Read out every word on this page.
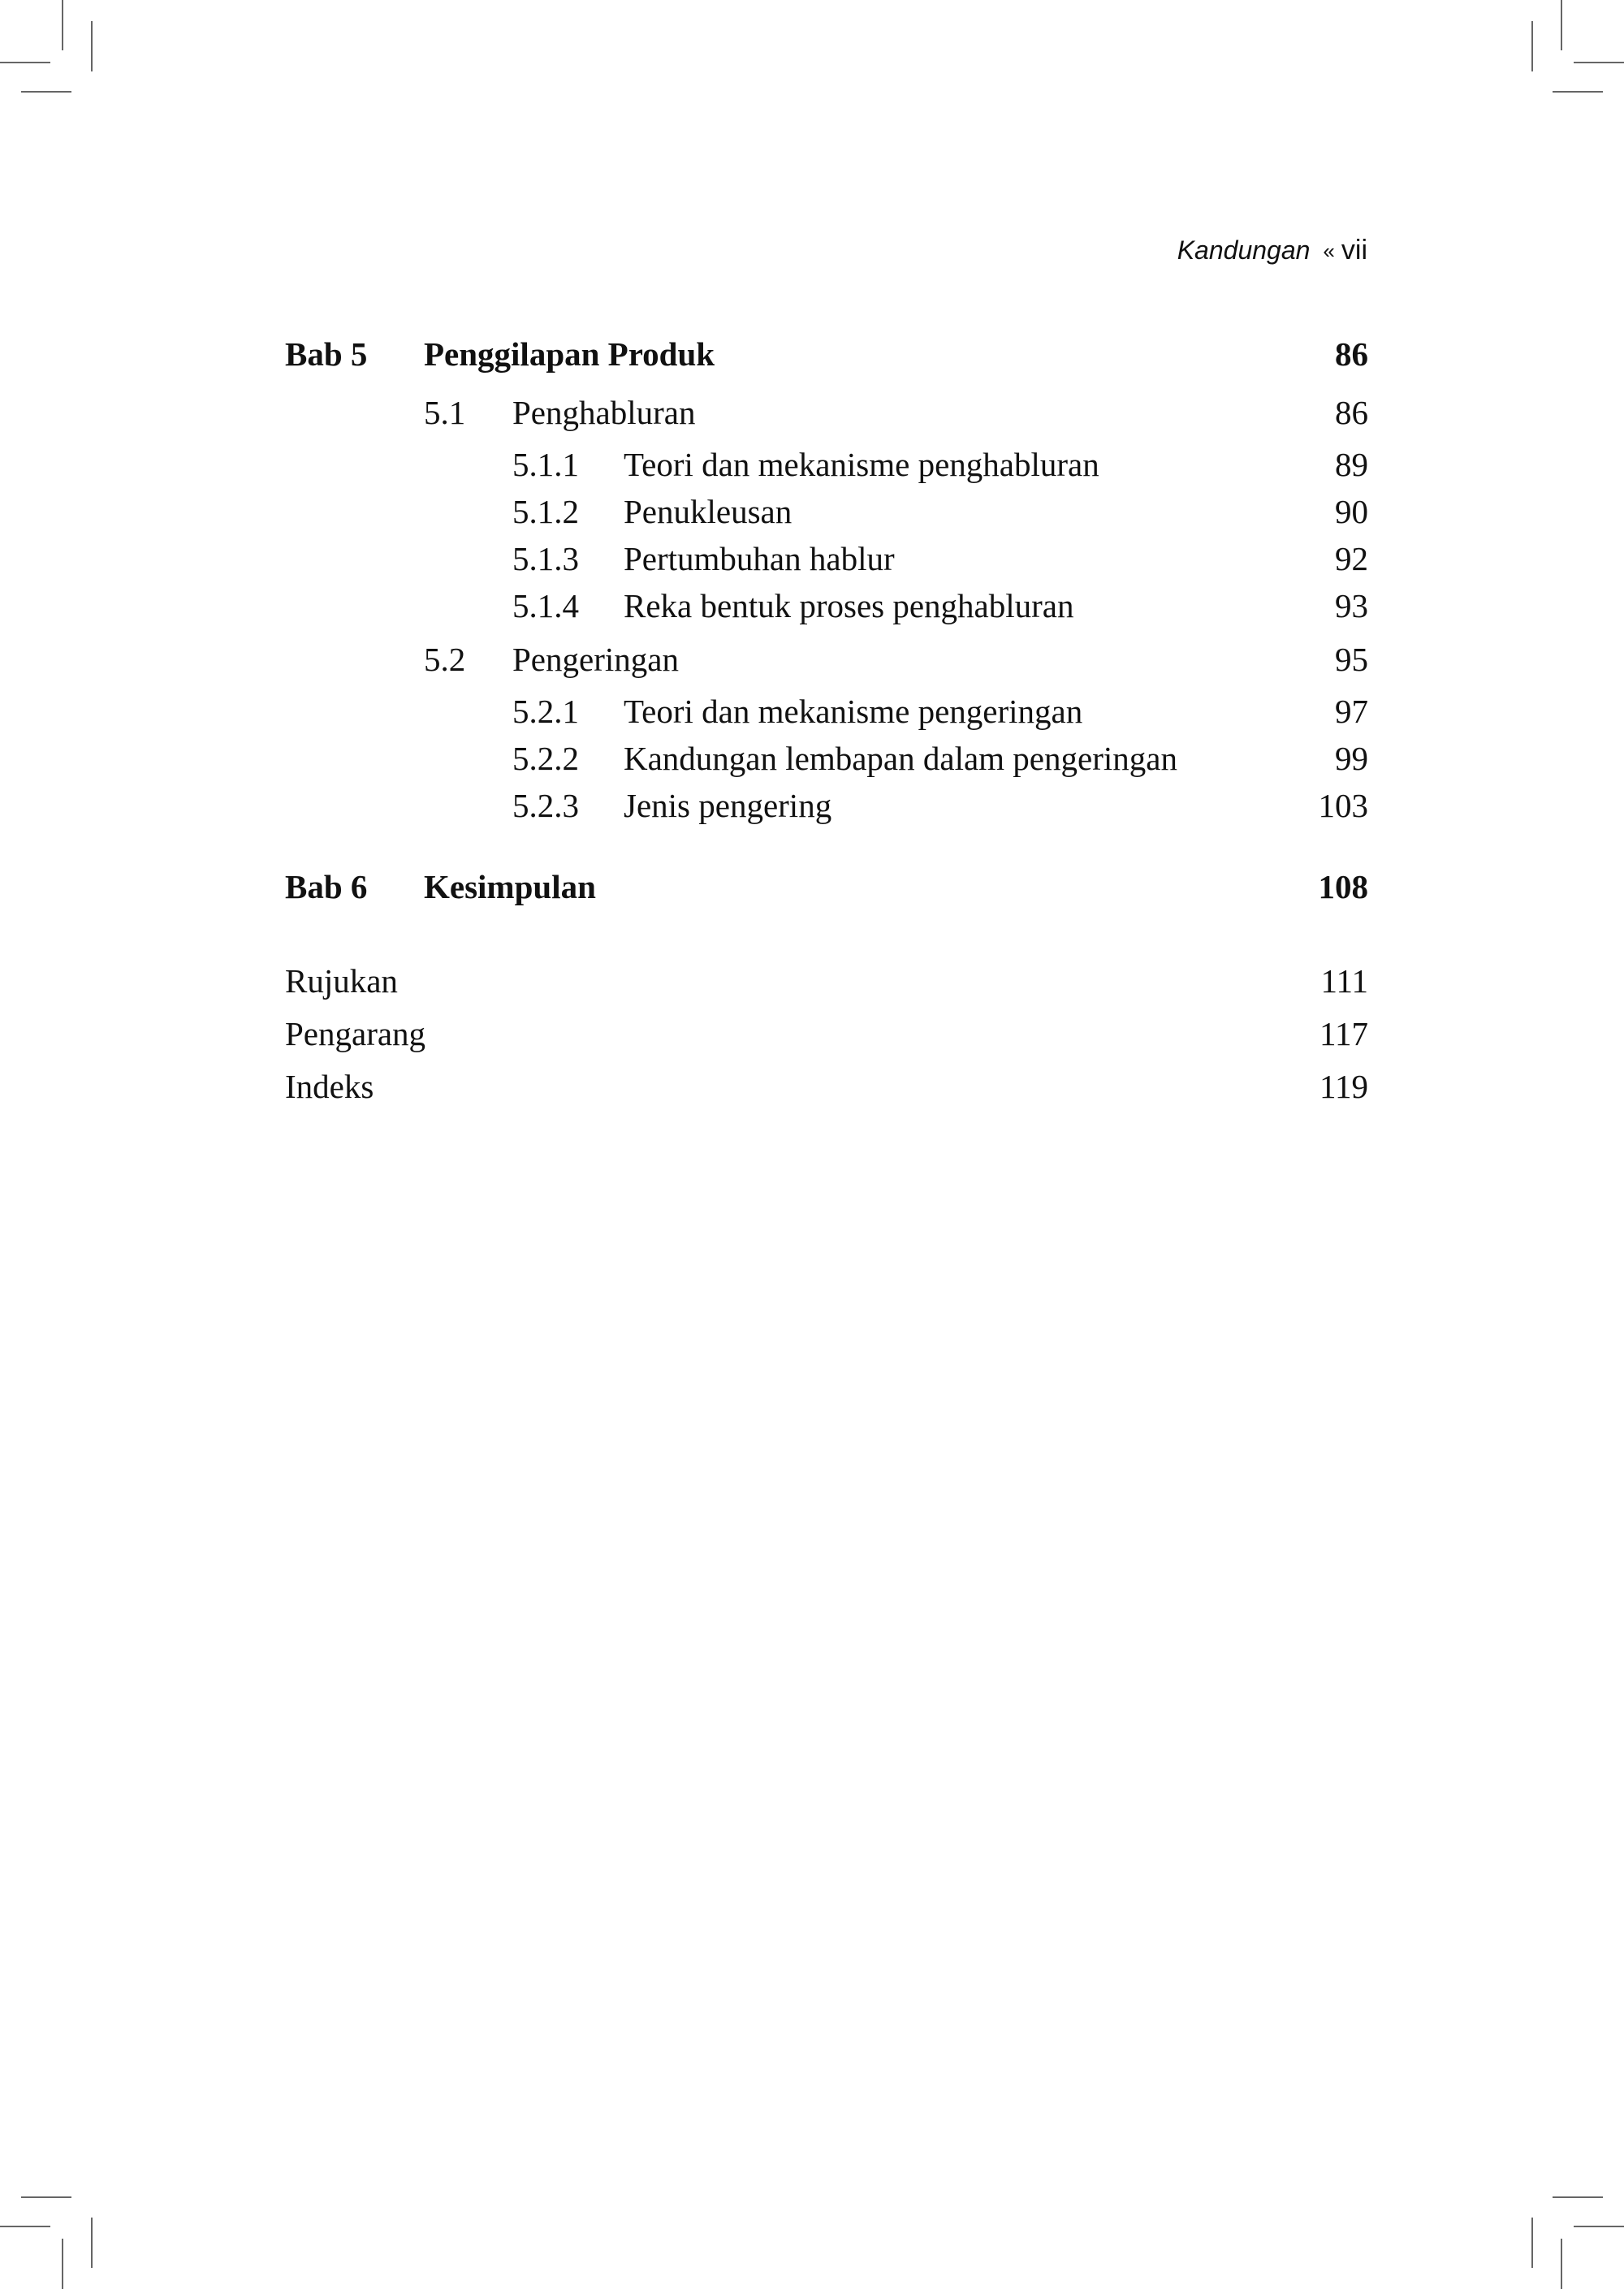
Kandungan « vii
Bab 5 Penggilapan Produk	86
5.1 Penghabluran	86
5.1.1 Teori dan mekanisme penghabluran	89
5.1.2 Penukleusan	90
5.1.3 Pertumbuhan hablur	92
5.1.4 Reka bentuk proses penghabluran	93
5.2 Pengeringan	95
5.2.1 Teori dan mekanisme pengeringan	97
5.2.2 Kandungan lembapan dalam pengeringan	99
5.2.3 Jenis pengering	103
Bab 6 Kesimpulan	108
Rujukan	111
Pengarang	117
Indeks	119
